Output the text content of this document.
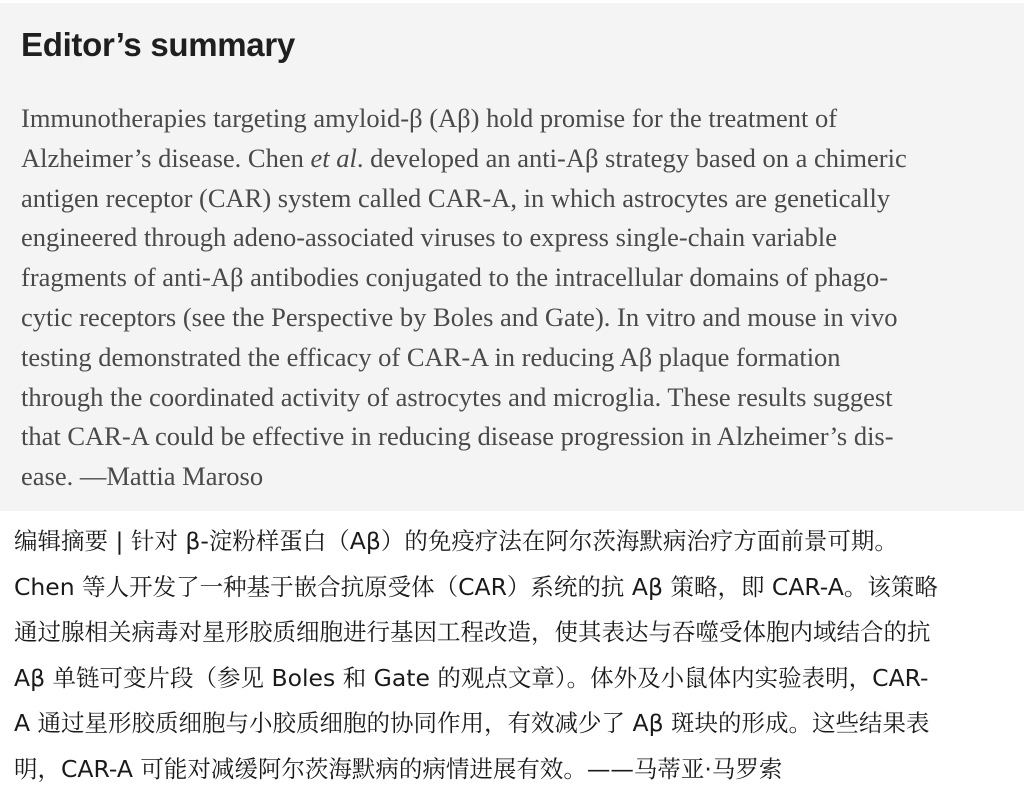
Editor’s summary

Immunotherapies targeting amyloid-β (Aβ) hold promise for the treatment of
Alzheimer’s disease. Chen et al. developed an anti-Aβ strategy based on a chimeric
antigen receptor (CAR) system called CAR-A, in which astrocytes are genetically
engineered through adeno-associated viruses to express single-chain variable
fragments of anti-Aβ antibodies conjugated to the intracellular domains of phago-
cytic receptors (see the Perspective by Boles and Gate). In vitro and mouse in vivo
testing demonstrated the efficacy of CAR-A in reducing Aβ plaque formation
through the coordinated activity of astrocytes and microglia. These results suggest
that CAR-A could be effective in reducing disease progression in Alzheimer’s dis-
ease. —Mattia Maroso

编辑摘要 | 针对 β-淀粉样蛋白（Aβ）的免疫疗法在阿尔茨海默病治疗方面前景可期。
Chen 等人开发了一种基于嵌合抗原受体（CAR）系统的抗 Aβ 策略，即 CAR-A。该策略
通过腺相关病毒对星形胶质细胞进行基因工程改造，使其表达与吞噬受体胞内域结合的抗
Aβ 单链可变片段（参见 Boles 和 Gate 的观点文章）。体外及小鼠体内实验表明，CAR-
A 通过星形胶质细胞与小胶质细胞的协同作用，有效减少了 Aβ 斑块的形成。这些结果表
明，CAR-A 可能对减缓阿尔茨海默病的病情进展有效。——马蒂亚·马罗索
